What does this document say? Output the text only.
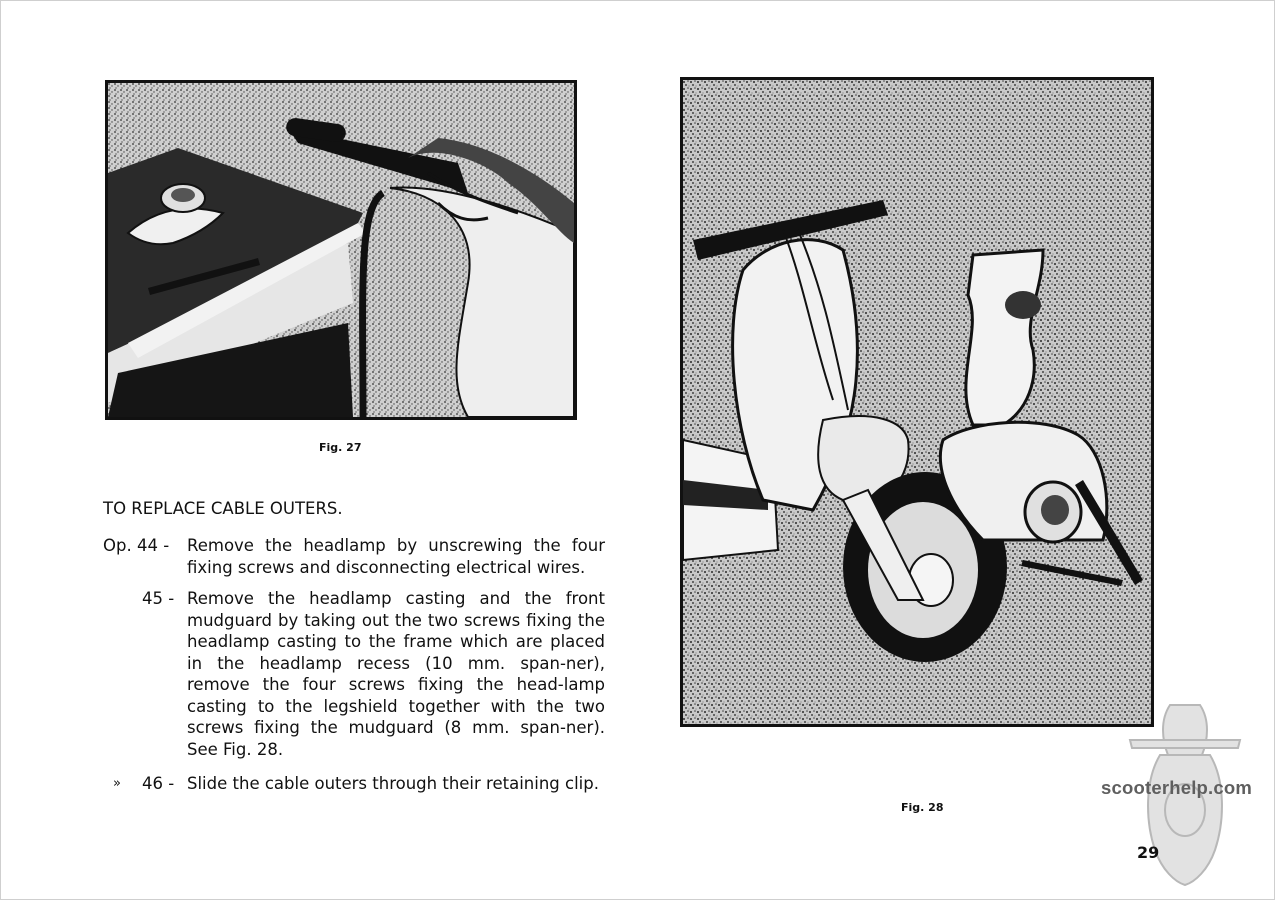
Fig. 27
TO REPLACE CABLE OUTERS.
Op. 44 - Remove the headlamp by unscrewing the four fixing screws and disconnecting electrical wires.
45 - Remove the headlamp casting and the front mudguard by taking out the two screws fixing the headlamp casting to the frame which are placed in the headlamp recess (10 mm. span-ner), remove the four screws fixing the head-lamp casting to the legshield together with the two screws fixing the mudguard (8 mm. span-ner). See Fig. 28.
» 46 - Slide the cable outers through their retaining clip.
Fig. 28
scooterhelp.com
29
